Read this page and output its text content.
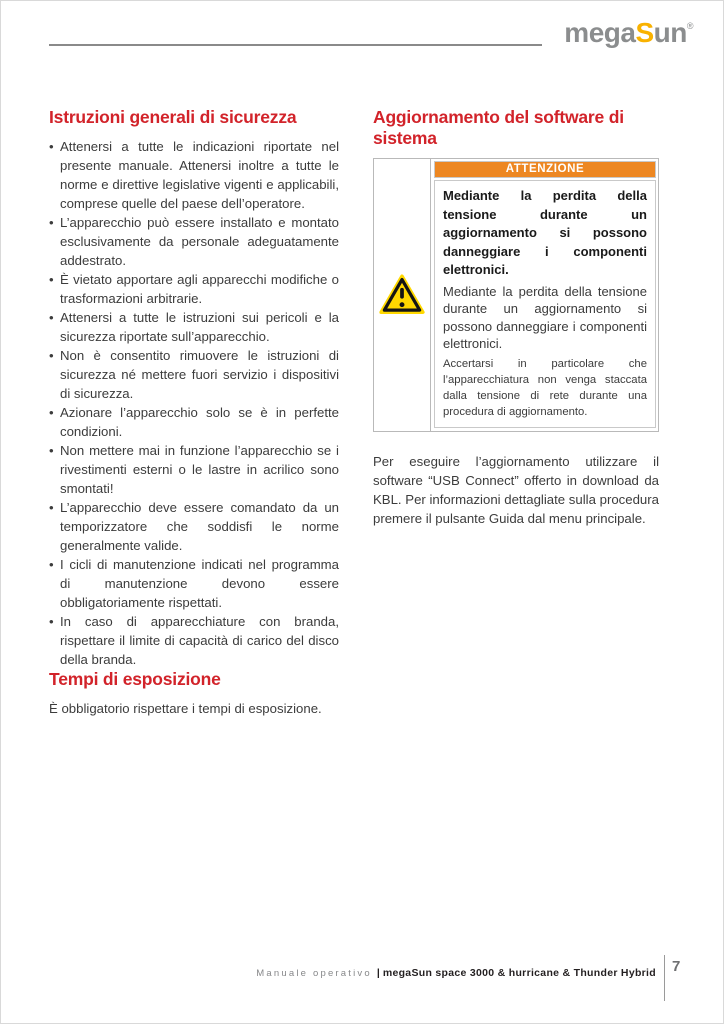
megaSun®
Istruzioni generali di sicurezza
• Attenersi a tutte le indicazioni riportate nel presente manuale. Attenersi inoltre a tutte le norme e direttive legislative vigenti e applicabili, comprese quelle del paese dell’operatore.
• L’apparecchio può essere installato e montato esclusivamente da personale adeguatamente addestrato.
• È vietato apportare agli apparecchi modifiche o trasformazioni arbitrarie.
• Attenersi a tutte le istruzioni sui pericoli e la sicurezza riportate sull’apparecchio.
• Non è consentito rimuovere le istruzioni di sicurezza né mettere fuori servizio i dispositivi di sicurezza.
• Azionare l’apparecchio solo se è in perfette condizioni.
• Non mettere mai in funzione l’apparecchio se i rivestimenti esterni o le lastre in acrilico sono smontati!
• L’apparecchio deve essere comandato da un temporizzatore che soddisfi le norme generalmente valide.
• I cicli di manutenzione indicati nel programma di manutenzione devono essere obbligatoriamente rispettati.
• In caso di apparecchiature con branda, rispettare il limite di capacità di carico del disco della branda.
Tempi di esposizione

È obbligatorio rispettare i tempi di esposizione.

Aggiornamento del software di sistema
ATTENZIONE

Mediante la perdita della tensione durante un aggiornamento si possono danneggiare i componenti elettronici.

Mediante la perdita della tensione durante un aggiornamento si possono danneggiare i componenti elettronici.

Accertarsi in particolare che l’apparecchiatura non venga staccata dalla tensione di rete durante una procedura di aggiornamento.

Per eseguire l’aggiornamento utilizzare il software “USB Connect” offerto in download da KBL. Per informazioni dettagliate sulla procedura premere il pulsante Guida dal menu principale.

Manuale operativo | megaSun space 3000 & hurricane & Thunder Hybrid 7
